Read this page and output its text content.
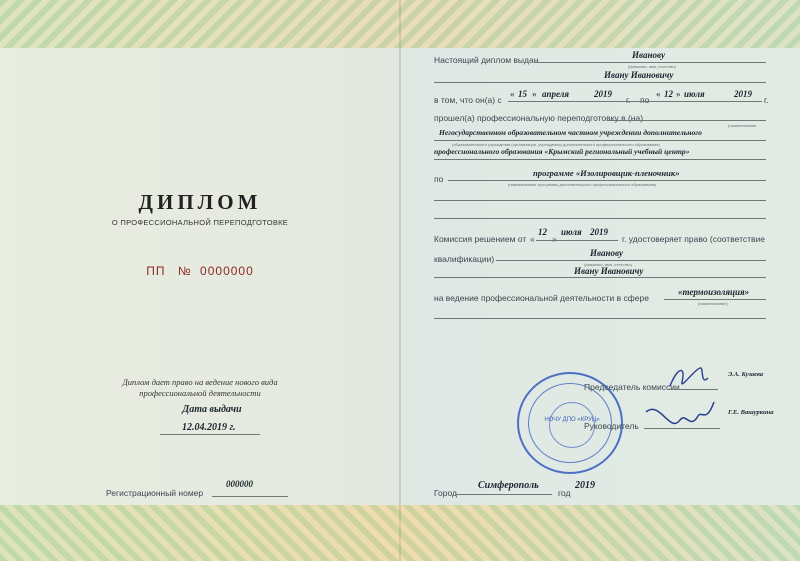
ДИПЛОМ
О ПРОФЕССИОНАЛЬНОЙ ПЕРЕПОДГОТОВКЕ
ПП № 0000000
Диплом дает право на ведение нового вида
профессиональной деятельности
Дата выдачи
12.04.2019 г.
Регистрационный номер
000000
Настоящий диплом выдан	Иванову
(фамилия, имя, отчество)
Ивану Ивановичу
в том, что он(а) с
« 15 » апреля	2019
г. по
« 12 » июля	2019
г.
прошел(а) профессиональную переподготовку в (на)
(наименование
Негосударственном образовательном частном учреждении дополнительного
(образовательного учреждения (организации, учреждения) дополнительного профессионального образования)
профессионального образования «Крымский региональный учебный центр»
по
программе «Изолировщик-пленочник»
(наименование программы дополнительного профессионального образования)
Комиссия решением от «
12
»
июля 2019
г. удостоверяет право (соответствие
квалификации)
Иванову
(фамилия, имя, отчество)
Ивану Ивановичу
на ведение профессиональной деятельности в сфере
«термоизоляция»
(наименование)
НОЧУ ДПО «КРУЦ»
Председатель комиссии
Э.А. Кузаева
Руководитель
Г.Е. Вашуркина
Город
Симферополь	2019
год
